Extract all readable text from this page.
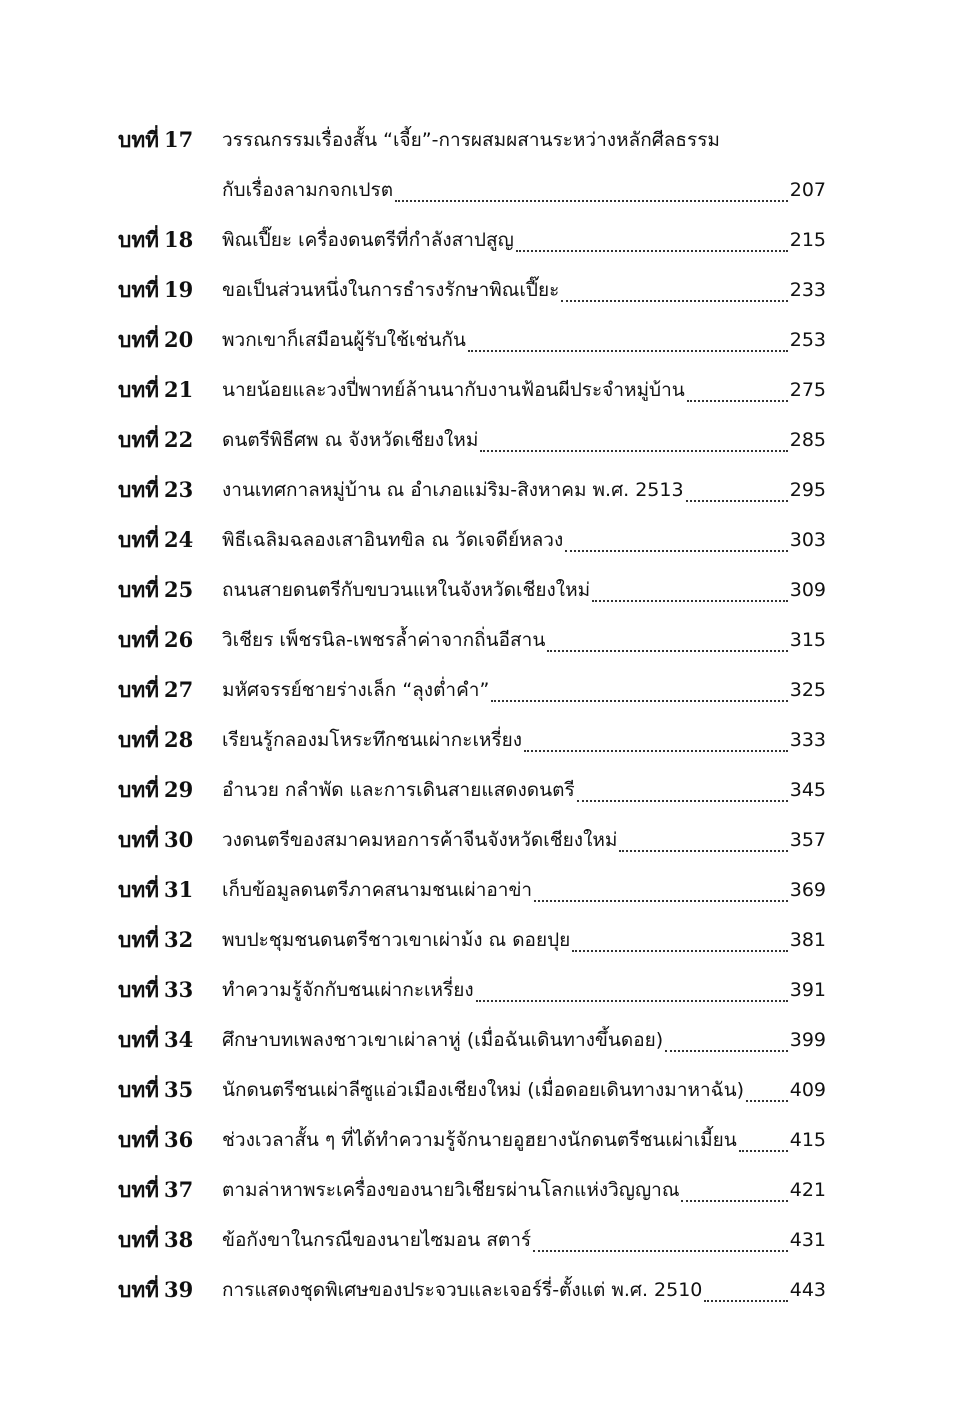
บทที่ 17	วรรณกรรมเรื่องสั้น “เจี้ย”-การผสมผสานระหว่างหลักศีลธรรม
กับเรื่องลามกจกเปรต	207
บทที่ 18	พิณเปี๊ยะ เครื่องดนตรีที่กำลังสาปสูญ	215
บทที่ 19	ขอเป็นส่วนหนึ่งในการธำรงรักษาพิณเปี๊ยะ	233
บทที่ 20	พวกเขาก็เสมือนผู้รับใช้เช่นกัน	253
บทที่ 21	นายน้อยและวงปี่พาทย์ล้านนากับงานฟ้อนผีประจำหมู่บ้าน	275
บทที่ 22	ดนตรีพิธีศพ ณ จังหวัดเชียงใหม่	285
บทที่ 23	งานเทศกาลหมู่บ้าน ณ อำเภอแม่ริม-สิงหาคม พ.ศ. 2513	295
บทที่ 24	พิธีเฉลิมฉลองเสาอินทขิล ณ วัดเจดีย์หลวง	303
บทที่ 25	ถนนสายดนตรีกับขบวนแหในจังหวัดเชียงใหม่	309
บทที่ 26	วิเชียร เพ็ชรนิล-เพชรล้ำค่าจากถิ่นอีสาน	315
บทที่ 27	มหัศจรรย์ชายร่างเล็ก “ลุงต่ำคำ”	325
บทที่ 28	เรียนรู้กลองมโหระทึกชนเผ่ากะเหรี่ยง	333
บทที่ 29	อำนวย กลำพัด และการเดินสายแสดงดนตรี	345
บทที่ 30	วงดนตรีของสมาคมหอการค้าจีนจังหวัดเชียงใหม่	357
บทที่ 31	เก็บข้อมูลดนตรีภาคสนามชนเผ่าอาข่า	369
บทที่ 32	พบปะชุมชนดนตรีชาวเขาเผ่าม้ง ณ ดอยปุย	381
บทที่ 33	ทำความรู้จักกับชนเผ่ากะเหรี่ยง	391
บทที่ 34	ศึกษาบทเพลงชาวเขาเผ่าลาหู่ (เมื่อฉันเดินทางขึ้นดอย)	399
บทที่ 35	นักดนตรีชนเผ่าลีซูแอ่วเมืองเชียงใหม่ (เมื่อดอยเดินทางมาหาฉัน) 409
บทที่ 36	ช่วงเวลาสั้น ๆ ที่ได้ทำความรู้จักนายอูฮยางนักดนตรีชนเผ่าเมี้ยน	415
บทที่ 37	ตามล่าหาพระเครื่องของนายวิเชียรผ่านโลกแห่งวิญญาณ	421
บทที่ 38	ข้อกังขาในกรณีของนายไซมอน สตาร์	431
บทที่ 39	การแสดงชุดพิเศษของประจวบและเจอร์รี่-ตั้งแต่ พ.ศ. 2510	443
